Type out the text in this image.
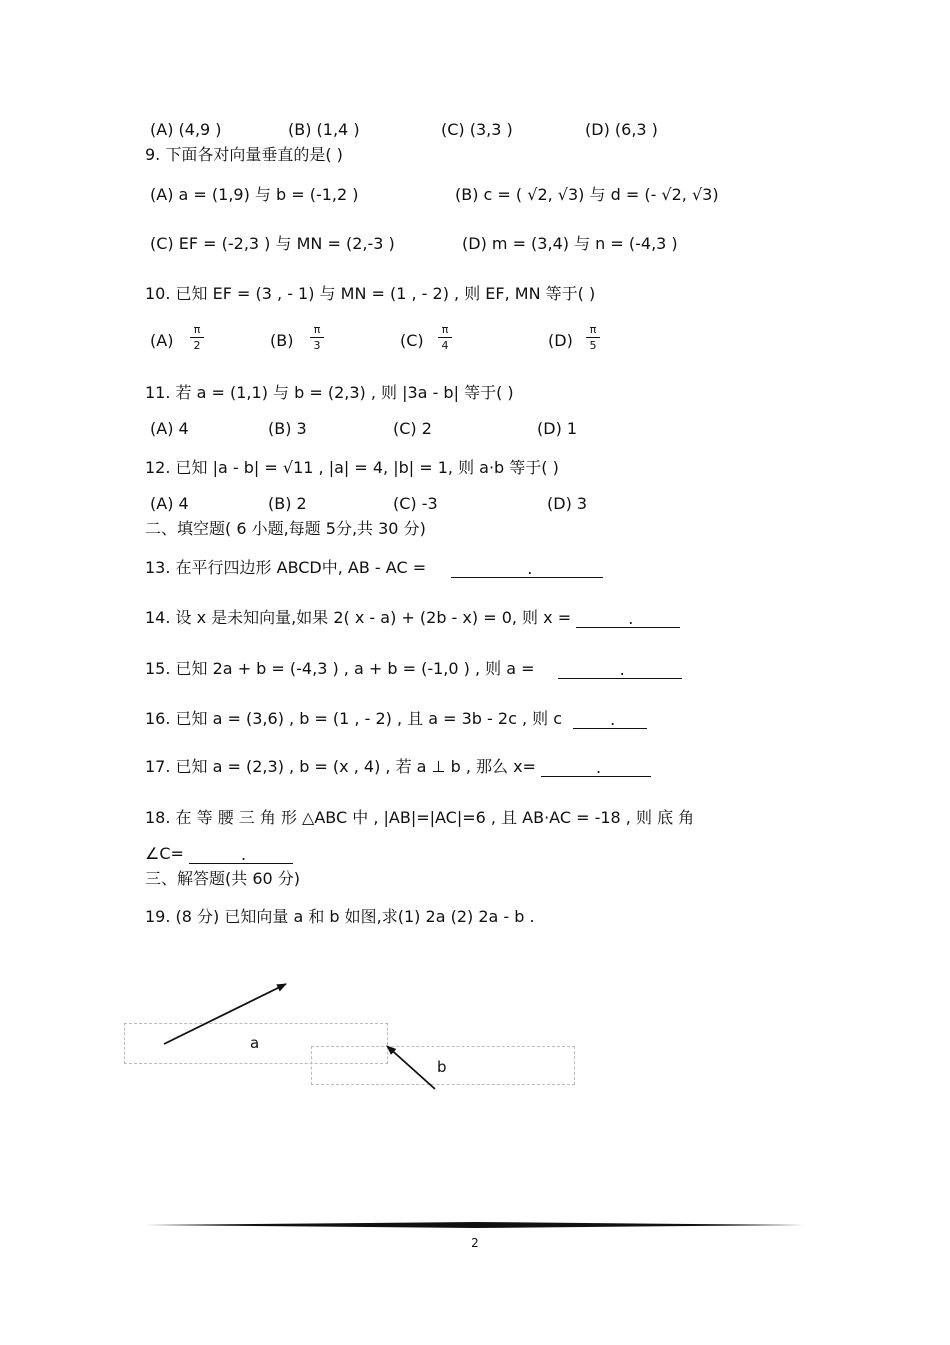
(A) (4,9 )	(B) (1,4 )	(C) (3,3 )	(D) (6,3 )
9. 下面各对向量垂直的是( )
(A) a = (1,9) 与 b = (-1,2 )	(B) c = ( √2, √3) 与 d = (- √2, √3)
(C) EF = (-2,3 ) 与 MN = (2,-3 )	(D) m = (3,4) 与 n = (-4,3 )
10. 已知 EF = (3 , - 1) 与 MN = (1 , - 2) , 则 EF, MN 等于( )
(A)
π
2	(B)
π
3	(C)
π
4	(D)
π
5
11. 若 a = (1,1) 与 b = (2,3) , 则 |3a - b| 等于( )
(A) 4	(B) 3	(C) 2	(D) 1
12. 已知 |a - b| = √11 , |a| = 4, |b| = 1, 则 a·b 等于( )
(A) 4	(B) 2	(C) -3	(D) 3
二、填空题( 6 小题,每题 5分,共 30 分)
13. 在平行四边形 ABCD中, AB - AC =	.
14. 设 x 是未知向量,如果 2( x - a) + (2b - x) = 0, 则 x =	.
15. 已知 2a + b = (-4,3 ) , a + b = (-1,0 ) , 则 a =	.
16. 已知 a = (3,6) , b = (1 , - 2) , 且 a = 3b - 2c , 则 c	.
17. 已知 a = (2,3) , b = (x , 4) , 若 a ⊥ b , 那么 x=	.
18. 在 等 腰 三 角 形 △ABC 中 , |AB|=|AC|=6 , 且 AB·AC = -18 , 则 底 角
∠C=	.
三、解答题(共 60 分)
19. (8 分) 已知向量 a 和 b 如图,求(1) 2a (2) 2a - b .
a
b
2
